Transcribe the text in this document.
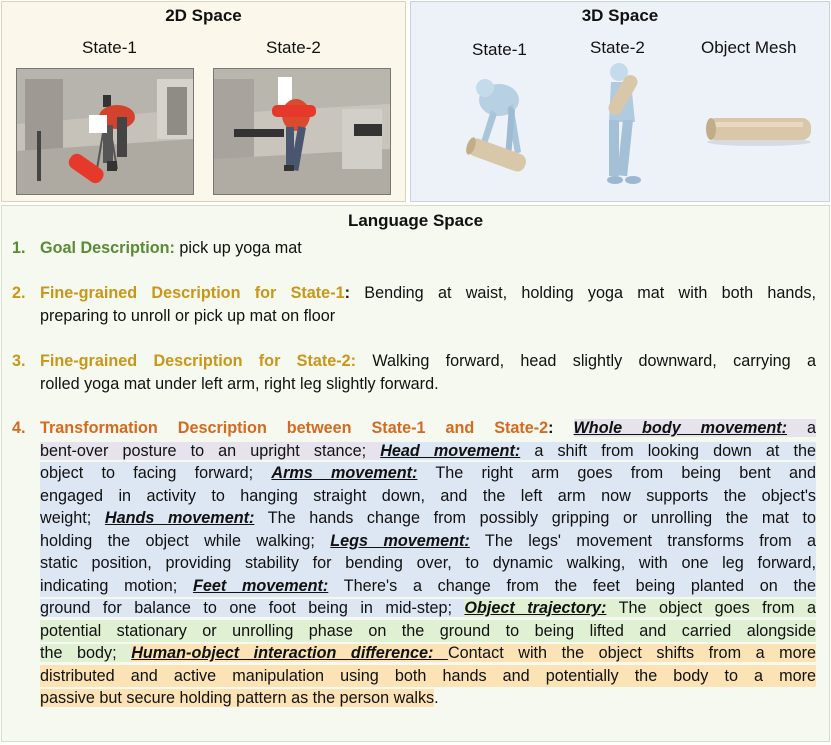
2D Space
State-1	State-2
3D Space
State-1	State-2	Object Mesh
Language Space
1. Goal Description: pick up yoga mat
2. Fine-grained Description for State-1: Bending at waist, holding yoga mat with both hands,
preparing to unroll or pick up mat on floor
3. Fine-grained Description for State-2: Walking forward, head slightly downward, carrying a
rolled yoga mat under left arm, right leg slightly forward.
4. Transformation Description between State-1 and State-2: Whole body movement: a
bent-over posture to an upright stance; Head movement: a shift from looking down at the
object to facing forward; Arms movement: The right arm goes from being bent and
engaged in activity to hanging straight down, and the left arm now supports the object's
weight; Hands movement: The hands change from possibly gripping or unrolling the mat to
holding the object while walking; Legs movement: The legs' movement transforms from a
static position, providing stability for bending over, to dynamic walking, with one leg forward,
indicating motion; Feet movement: There's a change from the feet being planted on the
ground for balance to one foot being in mid-step; Object trajectory: The object goes from a
potential stationary or unrolling phase on the ground to being lifted and carried alongside
the body; Human-object interaction difference: Contact with the object shifts from a more
distributed and active manipulation using both hands and potentially the body to a more
passive but secure holding pattern as the person walks.
